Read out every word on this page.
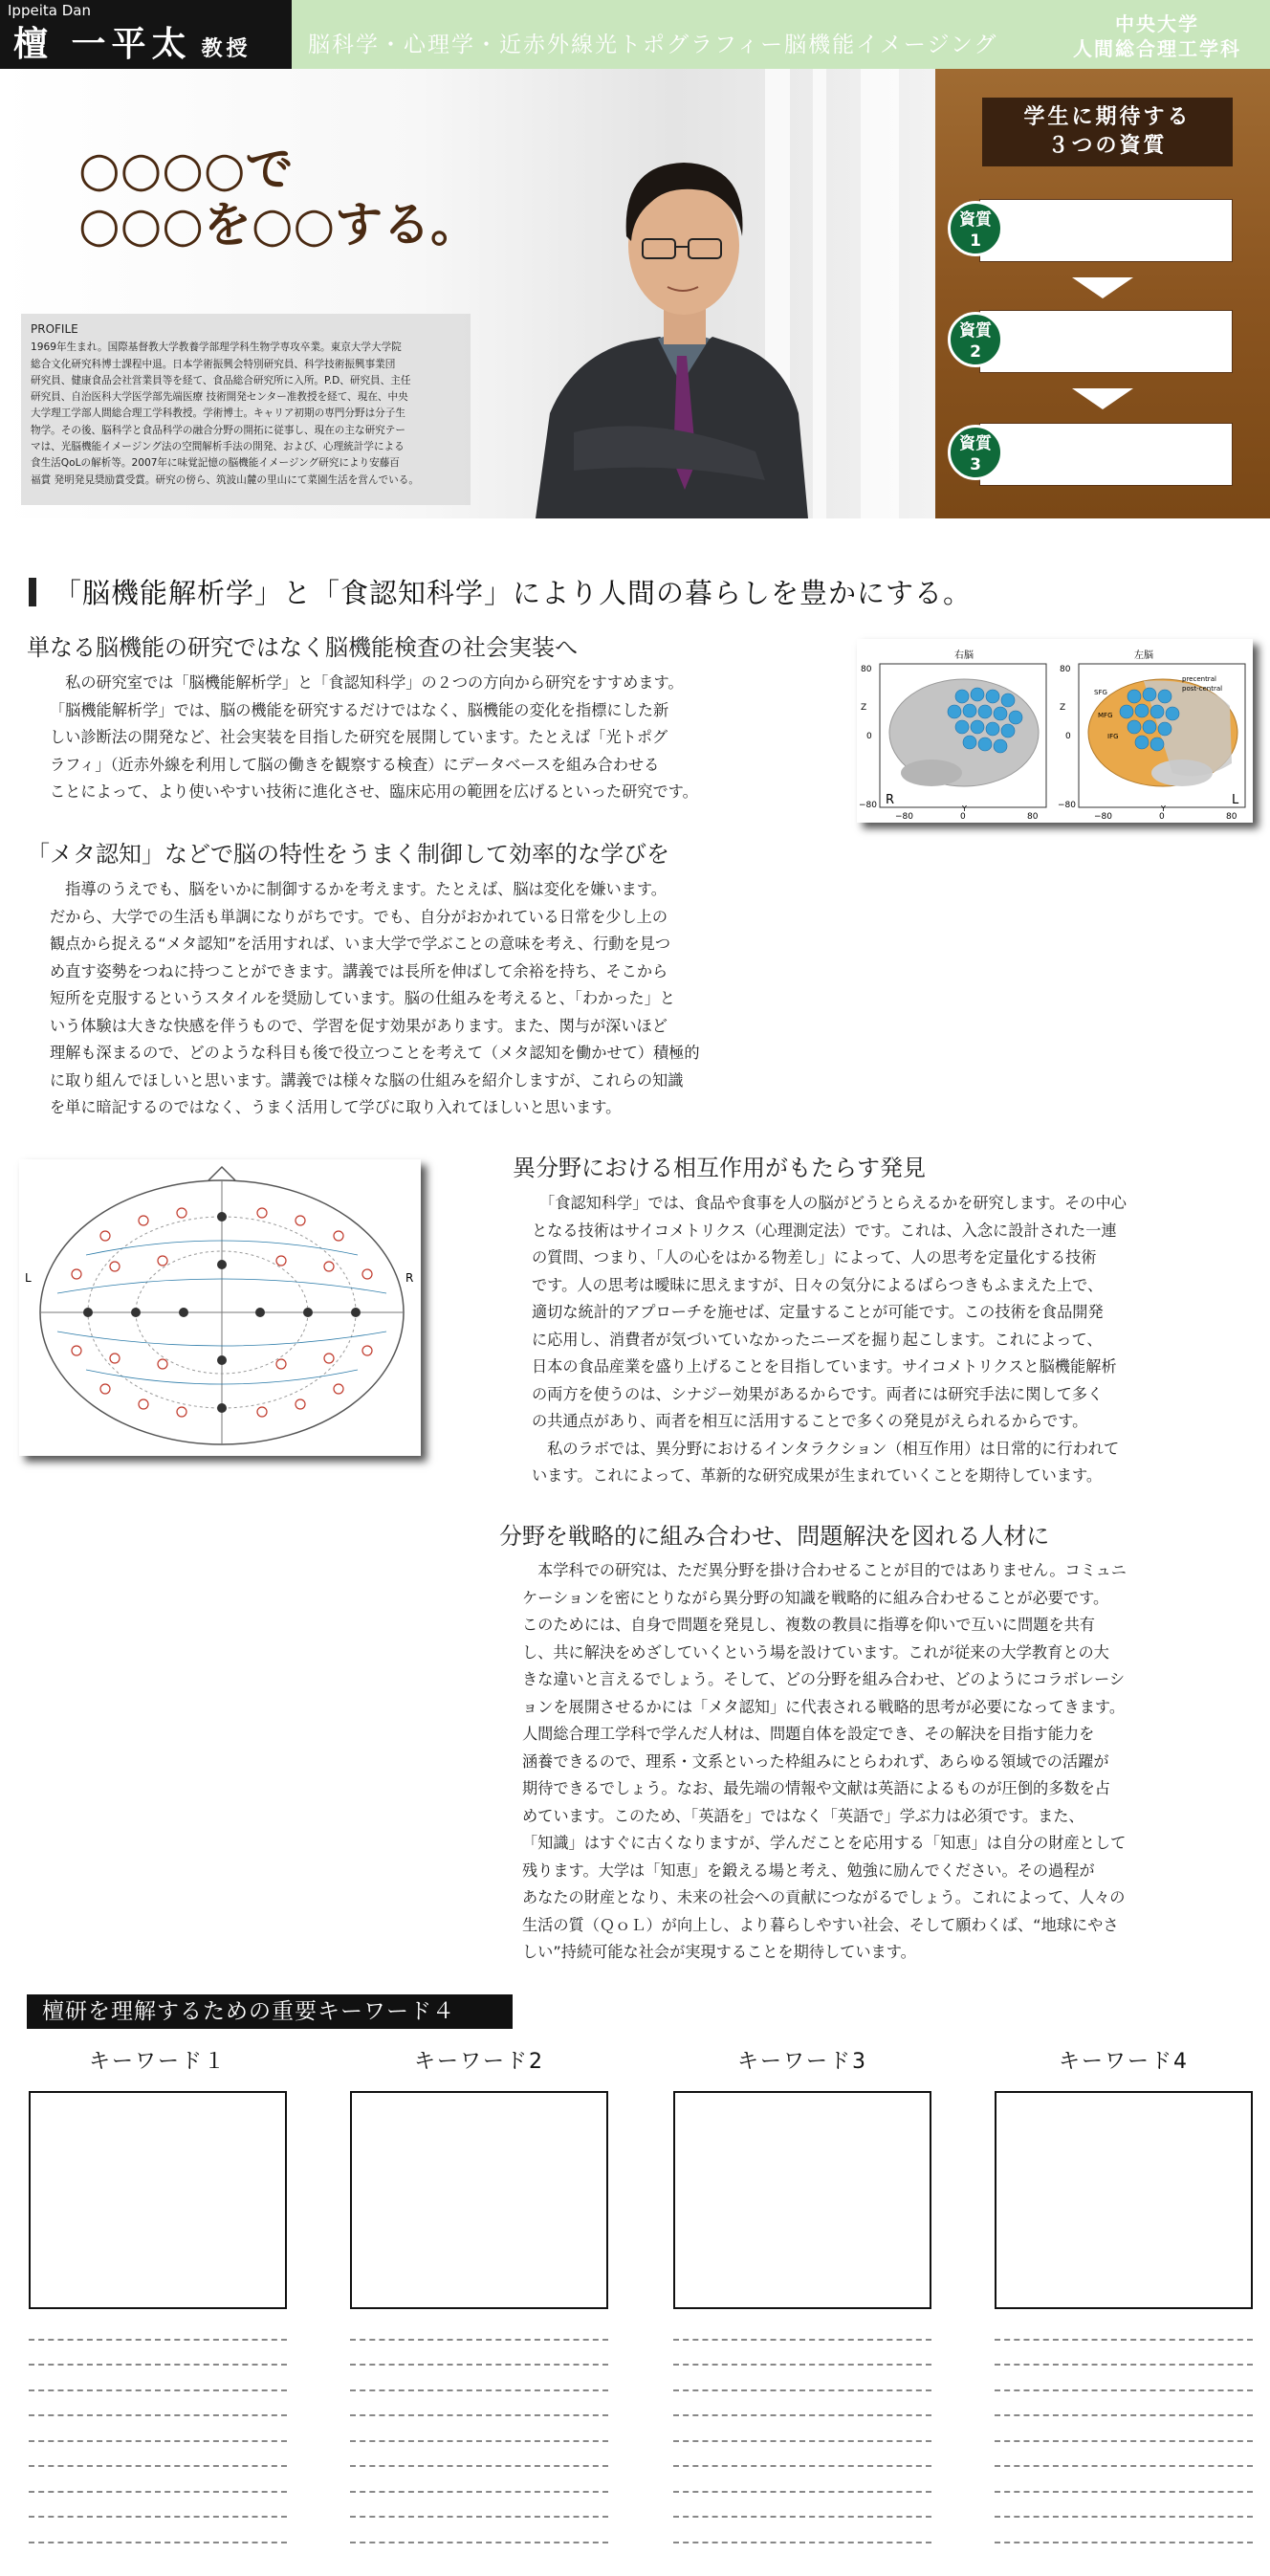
Ippeita Dan
檀 一平太 教授	脳科学・心理学・近赤外線光トポグラフィー脳機能イメージング
中央大学
人間総合理工学科
○○○○で
○○○を○○する。
PROFILE
1969年生まれ。国際基督教大学教養学部理学科生物学専攻卒業。東京大学大学院
総合文化研究科博士課程中退。日本学術振興会特別研究員、科学技術振興事業団
研究員、健康食品会社営業員等を経て、食品総合研究所に入所。P.D、研究員、主任
研究員、自治医科大学医学部先端医療 技術開発センター准教授を経て、現在、中央
大学理工学部人間総合理工学科教授。学術博士。キャリア初期の専門分野は分子生
物学。その後、脳科学と食品科学の融合分野の開拓に従事し、現在の主な研究テー
マは、光脳機能イメージング法の空間解析手法の開発、および、心理統計学による
食生活QoLの解析等。2007年に味覚記憶の脳機能イメージング研究により安藤百
福賞 発明発見奨励賞受賞。研究の傍ら、筑波山麓の里山にて菜園生活を営んでいる。
学生に期待する
３つの資質
資質
1
資質
2
資質
3
「脳機能解析学」と「食認知科学」により人間の暮らしを豊かにする。
単なる脳機能の研究ではなく脳機能検査の社会実装へ
　私の研究室では「脳機能解析学」と「食認知科学」の２つの方向から研究をすすめます。
「脳機能解析学」では、脳の機能を研究するだけではなく、脳機能の変化を指標にした新
しい診断法の開発など、社会実装を目指した研究を展開しています。たとえば「光トポグ
ラフィ」（近赤外線を利用して脳の働きを観察する検査）にデータベースを組み合わせる
ことによって、より使いやすい技術に進化させ、臨床応用の範囲を広げるといった研究です。
右脳	左脳
80
0
−80
Z
80
0
−80
Z
SFG
precentral
post-central
MFG
IFG
−80	0	80	−80	0	80
Y	Y
R	L
「メタ認知」などで脳の特性をうまく制御して効率的な学びを
　指導のうえでも、脳をいかに制御するかを考えます。たとえば、脳は変化を嫌います。
だから、大学での生活も単調になりがちです。でも、自分がおかれている日常を少し上の
観点から捉える“メタ認知”を活用すれば、いま大学で学ぶことの意味を考え、行動を見つ
め直す姿勢をつねに持つことができます。講義では長所を伸ばして余裕を持ち、そこから
短所を克服するというスタイルを奨励しています。脳の仕組みを考えると、「わかった」と
いう体験は大きな快感を伴うもので、学習を促す効果があります。また、関与が深いほど
理解も深まるので、どのような科目も後で役立つことを考えて（メタ認知を働かせて）積極的
に取り組んでほしいと思います。講義では様々な脳の仕組みを紹介しますが、これらの知識
を単に暗記するのではなく、うまく活用して学びに取り入れてほしいと思います。
L	R
異分野における相互作用がもたらす発見
　「食認知科学」では、食品や食事を人の脳がどうとらえるかを研究します。その中心
となる技術はサイコメトリクス（心理測定法）です。これは、入念に設計された一連
の質問、つまり、「人の心をはかる物差し」によって、人の思考を定量化する技術
です。人の思考は曖昧に思えますが、日々の気分によるばらつきもふまえた上で、
適切な統計的アプローチを施せば、定量することが可能です。この技術を食品開発
に応用し、消費者が気づいていなかったニーズを掘り起こします。これによって、
日本の食品産業を盛り上げることを目指しています。サイコメトリクスと脳機能解析
の両方を使うのは、シナジー効果があるからです。両者には研究手法に関して多く
の共通点があり、両者を相互に活用することで多くの発見がえられるからです。
　私のラボでは、異分野におけるインタラクション（相互作用）は日常的に行われて
います。これによって、革新的な研究成果が生まれていくことを期待しています。
分野を戦略的に組み合わせ、問題解決を図れる人材に
　本学科での研究は、ただ異分野を掛け合わせることが目的ではありません。コミュニ
ケーションを密にとりながら異分野の知識を戦略的に組み合わせることが必要です。
このためには、自身で問題を発見し、複数の教員に指導を仰いで互いに問題を共有
し、共に解決をめざしていくという場を設けています。これが従来の大学教育との大
きな違いと言えるでしょう。そして、どの分野を組み合わせ、どのようにコラボレーシ
ョンを展開させるかには「メタ認知」に代表される戦略的思考が必要になってきます。
人間総合理工学科で学んだ人材は、問題自体を設定でき、その解決を目指す能力を
涵養できるので、理系・文系といった枠組みにとらわれず、あらゆる領域での活躍が
期待できるでしょう。なお、最先端の情報や文献は英語によるものが圧倒的多数を占
めています。このため、「英語を」ではなく「英語で」学ぶ力は必須です。また、
「知識」はすぐに古くなりますが、学んだことを応用する「知恵」は自分の財産として
残ります。大学は「知恵」を鍛える場と考え、勉強に励んでください。その過程が
あなたの財産となり、未来の社会への貢献につながるでしょう。これによって、人々の
生活の質（ＱｏＬ）が向上し、より暮らしやすい社会、そして願わくば、“地球にやさ
しい”持続可能な社会が実現することを期待しています。
檀研を理解するための重要キーワード４
キーワード１	キーワード2	キーワード3	キーワード4
